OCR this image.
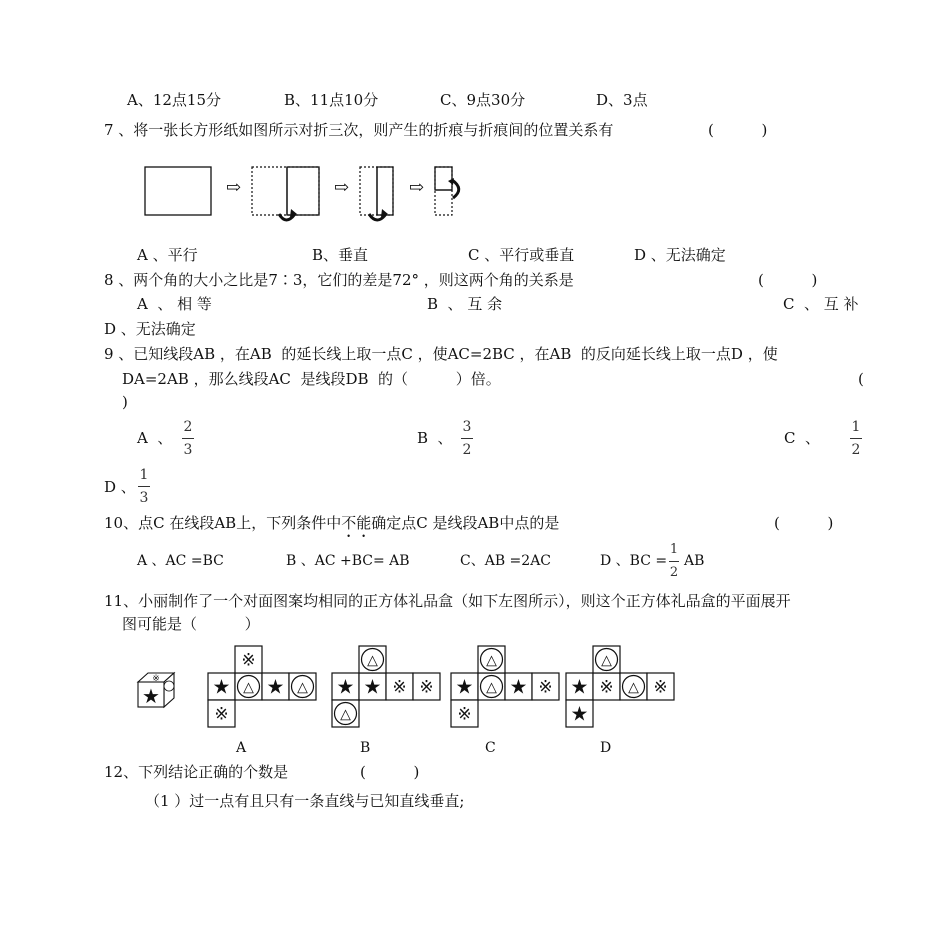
A、12点15分	B、11点10分	C、9点30分	D、3点
7 、将一张长方形纸如图所示对折三次，则产生的折痕与折痕间的位置关系有	(          )
⇨	⇨	⇨
A 、平行	B、垂直	C 、平行或垂直	D 、无法确定
8 、两个角的大小之比是7∶3，它们的差是72° ，则这两个角的关系是	(          )
A  、 相 等	B  、 互 余	C  、 互 补
D 、无法确定
9 、已知线段AB ，在AB  的延长线上取一点C ，使AC=2BC ，在AB  的反向延长线上取一点D ，使
DA=2AB ，那么线段AC  是线段DB  的（          ）倍。	(
)
A  、
2
3
B  、
3
2
C  、
1
2
D 、
1
3
10、点C 在线段AB上，下列条件中不能确定点C 是线段AB中点的是	(          )
A 、AC =BC	B 、AC +BC= AB	C、AB =2AC	D 、BC =
1
2
AB
11、小丽制作了一个对面图案均相同的正方体礼品盒（如下左图所示），则这个正方体礼品盒的平面展开
图可能是（          ）
★
※	★ △ ★ △
※
※
★ ★ ※ ※
△
△
★ △ ★ ※
△
※
★ ※ △ ※
△
★
A	B	C	D
12、下列结论正确的个数是	(          )
（1 ）过一点有且只有一条直线与已知直线垂直;
